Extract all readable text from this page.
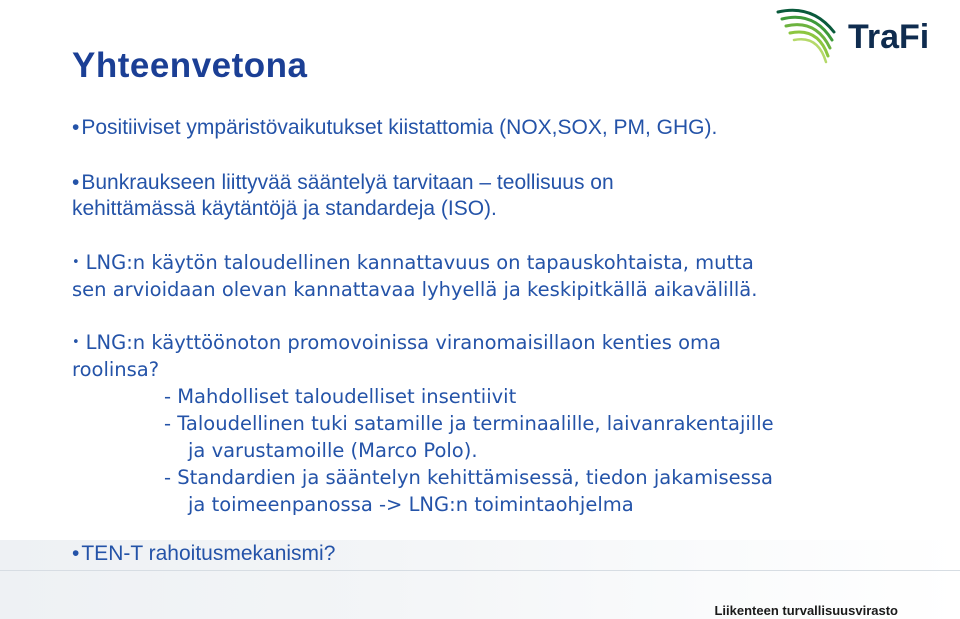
TraFi
Yhteenvetona

•Positiiviset ympäristövaikutukset kiistattomia (NOX,SOX, PM, GHG).

•Bunkraukseen liittyvää sääntelyä tarvitaan – teollisuus on
kehittämässä käytäntöjä ja standardeja (ISO).

• LNG:n käytön taloudellinen kannattavuus on tapauskohtaista, mutta
sen arvioidaan olevan kannattavaa lyhyellä ja keskipitkällä aikavälillä.

• LNG:n käyttöönoton promovoinissa viranomaisillaon kenties oma
roolinsa?
- Mahdolliset taloudelliset insentiivit
- Taloudellinen tuki satamille ja terminaalille, laivanrakentajille
ja varustamoille (Marco Polo).
- Standardien ja sääntelyn kehittämisessä, tiedon jakamisessa
ja toimeenpanossa -> LNG:n toimintaohjelma

•TEN-T rahoitusmekanismi?

Liikenteen turvallisuusvirasto
